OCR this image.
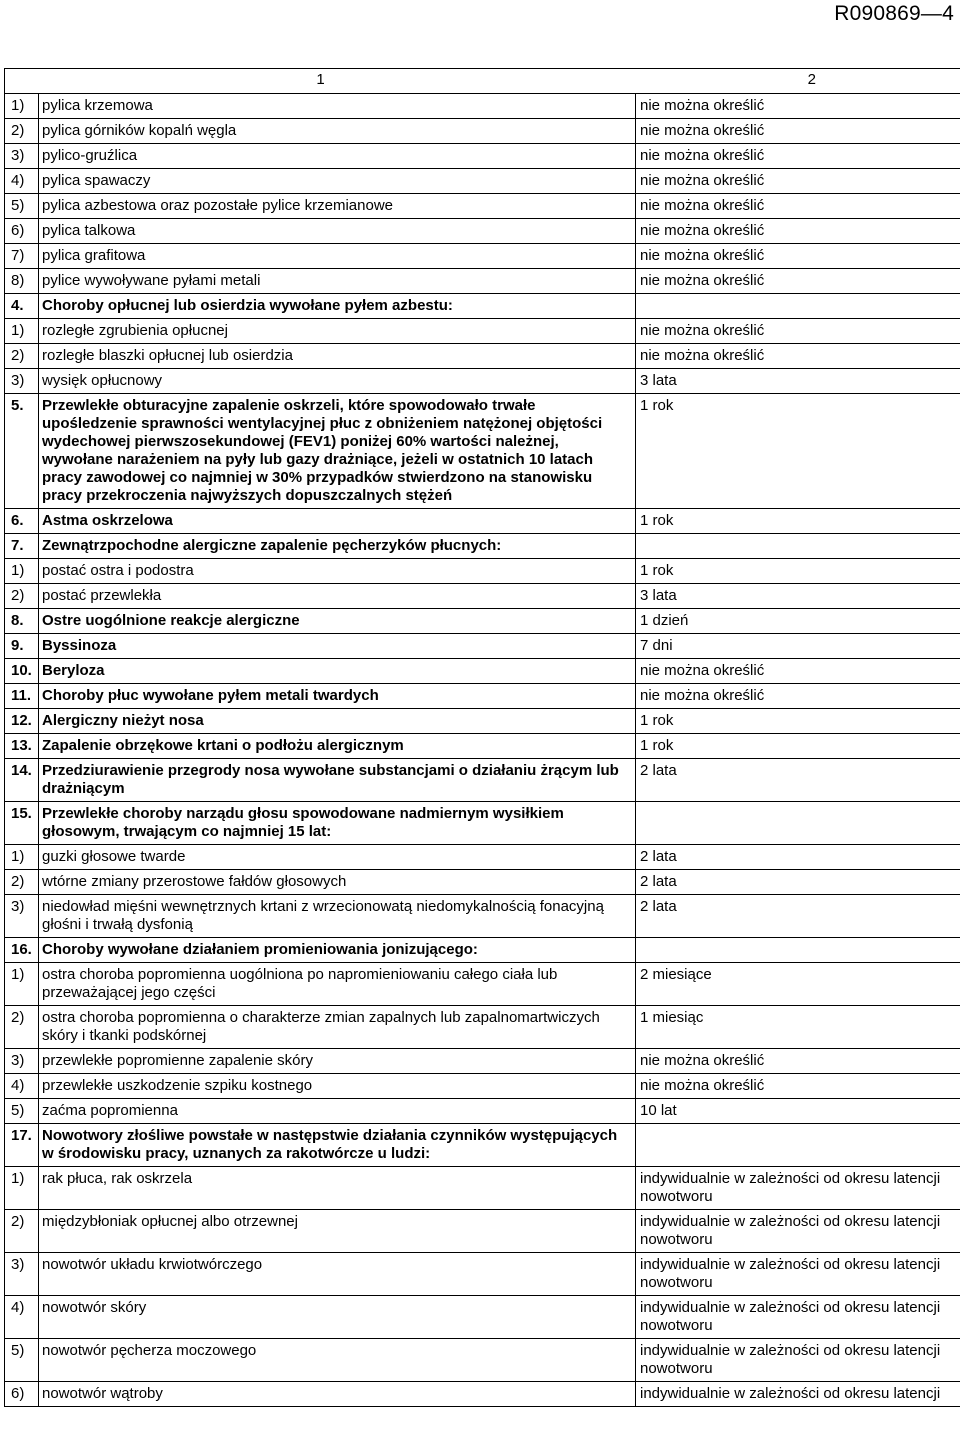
R090869—4
1 2		
1)	pylica krzemowa	nie można określić
2)	pylica górników kopalń węgla	nie można określić
3)	pylico-gruźlica	nie można określić
4)	pylica spawaczy	nie można określić
5)	pylica azbestowa oraz pozostałe pylice krzemianowe	nie można określić
6)	pylica talkowa	nie można określić
7)	pylica grafitowa	nie można określić
8)	pylice wywoływane pyłami metali	nie można określić
4.	Choroby opłucnej lub osierdzia wywołane pyłem azbestu:	
1)	rozległe zgrubienia opłucnej	nie można określić
2)	rozległe blaszki opłucnej lub osierdzia	nie można określić
3)	wysięk opłucnowy	3 lata
5.	Przewlekłe obturacyjne zapalenie oskrzeli, które spowodowało trwałe upośledzenie sprawności wentylacyjnej płuc z obniżeniem natężonej objętości wydechowej pierwszosekundowej (FEV1) poniżej 60% wartości należnej, wywołane narażeniem na pyły lub gazy drażniące, jeżeli w ostatnich 10 latach pracy zawodowej co najmniej w 30% przypadków stwierdzono na stanowisku pracy przekroczenia najwyższych dopuszczalnych stężeń	1 rok
6.	Astma oskrzelowa	1 rok
7.	Zewnątrzpochodne alergiczne zapalenie pęcherzyków płucnych:	
1)	postać ostra i podostra	1 rok
2)	postać przewlekła	3 lata
8.	Ostre uogólnione reakcje alergiczne	1 dzień
9.	Byssinoza	7 dni
10.	Beryloza	nie można określić
11.	Choroby płuc wywołane pyłem metali twardych	nie można określić
12.	Alergiczny nieżyt nosa	1 rok
13.	Zapalenie obrzękowe krtani o podłożu alergicznym	1 rok
14.	Przedziurawienie przegrody nosa wywołane substancjami o działaniu żrącym lub drażniącym	2 lata
15.	Przewlekłe choroby narządu głosu spowodowane nadmiernym wysiłkiem głosowym, trwającym co najmniej 15 lat:	
1)	guzki głosowe twarde	2 lata
2)	wtórne zmiany przerostowe fałdów głosowych	2 lata
3)	niedowład mięśni wewnętrznych krtani z wrzecionowatą niedomykalnością fonacyjną głośni i trwałą dysfonią	2 lata
16.	Choroby wywołane działaniem promieniowania jonizującego:	
1)	ostra choroba popromienna uogólniona po napromieniowaniu całego ciała lub przeważającej jego części	2 miesiące
2)	ostra choroba popromienna o charakterze zmian zapalnych lub zapalnomartwiczych skóry i tkanki podskórnej	1 miesiąc
3)	przewlekłe popromienne zapalenie skóry	nie można określić
4)	przewlekłe uszkodzenie szpiku kostnego	nie można określić
5)	zaćma popromienna	10 lat
17.	Nowotwory złośliwe powstałe w następstwie działania czynników występujących w środowisku pracy, uznanych za rakotwórcze u ludzi:	
1)	rak płuca, rak oskrzela	indywidualnie w zależności od okresu latencji nowotworu
2)	międzybłoniak opłucnej albo otrzewnej	indywidualnie w zależności od okresu latencji nowotworu
3)	nowotwór układu krwiotwórczego	indywidualnie w zależności od okresu latencji nowotworu
4)	nowotwór skóry	indywidualnie w zależności od okresu latencji nowotworu
5)	nowotwór pęcherza moczowego	indywidualnie w zależności od okresu latencji nowotworu
6)	nowotwór wątroby	indywidualnie w zależności od okresu latencji
